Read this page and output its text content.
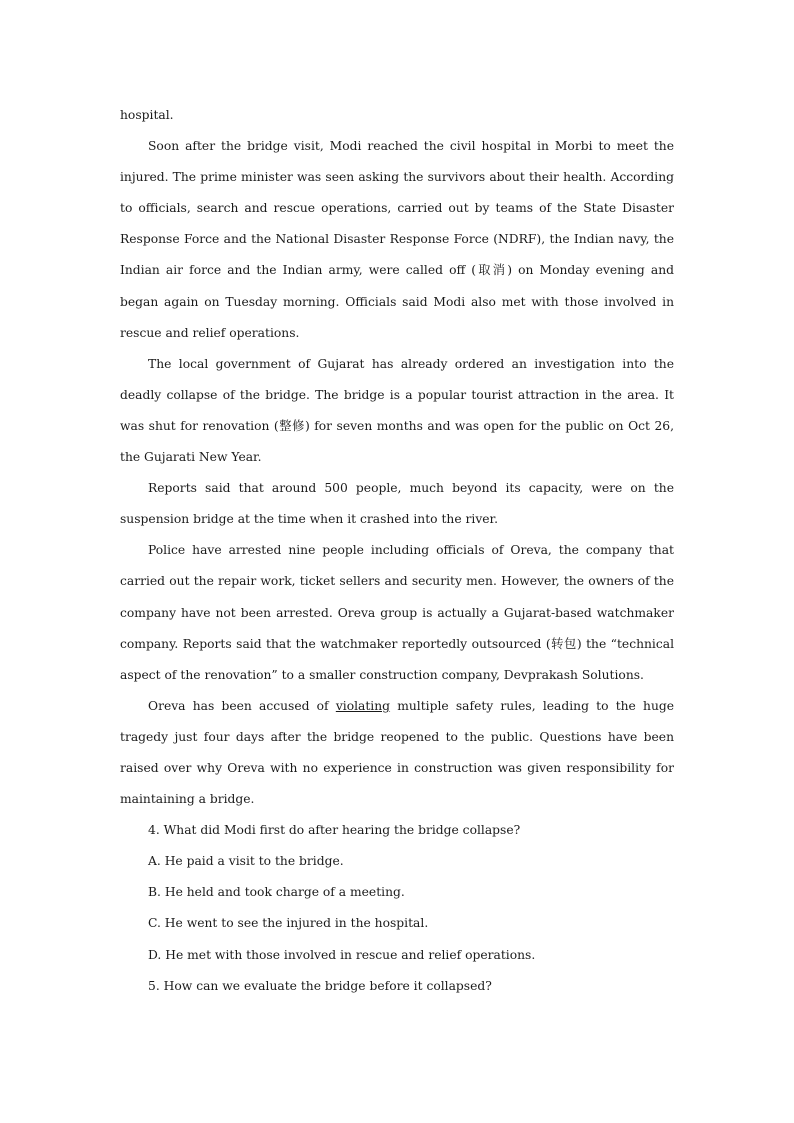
hospital.

Soon after the bridge visit, Modi reached the civil hospital in Morbi to meet the injured. The prime minister was seen asking the survivors about their health. According to officials, search and rescue operations, carried out by teams of the State Disaster Response Force and the National Disaster Response Force (NDRF), the Indian navy, the Indian air force and the Indian army, were called off (取消) on Monday evening and began again on Tuesday morning. Officials said Modi also met with those involved in rescue and relief operations.

The local government of Gujarat has already ordered an investigation into the deadly collapse of the bridge. The bridge is a popular tourist attraction in the area. It was shut for renovation (整修) for seven months and was open for the public on Oct 26, the Gujarati New Year.

Reports said that around 500 people, much beyond its capacity, were on the suspension bridge at the time when it crashed into the river.

Police have arrested nine people including officials of Oreva, the company that carried out the repair work, ticket sellers and security men. However, the owners of the company have not been arrested. Oreva group is actually a Gujarat-based watchmaker company. Reports said that the watchmaker reportedly outsourced (转包) the “technical aspect of the renovation” to a smaller construction company, Devprakash Solutions.

Oreva has been accused of violating multiple safety rules, leading to the huge tragedy just four days after the bridge reopened to the public. Questions have been raised over why Oreva with no experience in construction was given responsibility for maintaining a bridge.

4. What did Modi first do after hearing the bridge collapse?

A. He paid a visit to the bridge.

B. He held and took charge of a meeting.

C. He went to see the injured in the hospital.

D. He met with those involved in rescue and relief operations.

5. How can we evaluate the bridge before it collapsed?
